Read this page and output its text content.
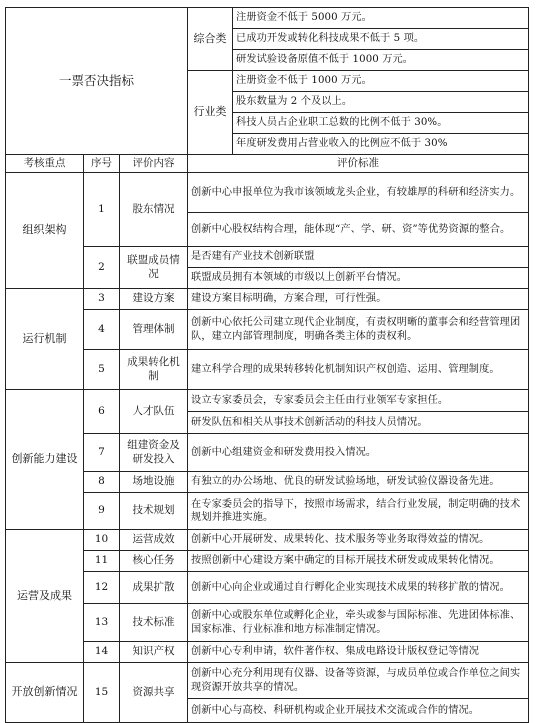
一票否决指标			综合类	注册资金不低于 5000 万元。
				已成功开发或转化科技成果不低于 5 项。
				研发试验设备原值不低于 1000 万元。
			行业类	注册资金不低于 1000 万元。
				股东数量为 2 个及以上。
				科技人员占企业职工总数的比例不低于 30%。
				年度研发费用占营业收入的比例应不低于 30%
考核重点	序号	评价内容	评价标准	
组织架构	1	股东情况	创新中心申报单位为我市该领域龙头企业，有较雄厚的科研和经济实力。	
			创新中心股权结构合理，能体现“产、学、研、资”等优势资源的整合。	
	2	联盟成员情况	是否建有产业技术创新联盟	
			联盟成员拥有本领域的市级以上创新平台情况。	
运行机制	3	建设方案	建设方案目标明确，方案合理，可行性强。	
	4	管理体制	创新中心依托公司建立现代企业制度，有责权明晰的董事会和经营管理团队，建立内部管理制度，明确各类主体的责权利。	
	5	成果转化机制	建立科学合理的成果转移转化机制知识产权创造、运用、管理制度。	
创新能力建设	6	人才队伍	设立专家委员会，专家委员会主任由行业领军专家担任。	
			研发队伍和相关从事技术创新活动的科技人员情况。	
	7	组建资金及研发投入	创新中心组建资金和研发费用投入情况。	
	8	场地设施	有独立的办公场地、优良的研发试验场地，研发试验仪器设备先进。	
	9	技术规划	在专家委员会的指导下，按照市场需求，结合行业发展，制定明确的技术规划并推进实施。	
运营及成果	10	运营成效	创新中心开展研发、成果转化、技术服务等业务取得效益的情况。	
	11	核心任务	按照创新中心建设方案中确定的目标开展技术研发或成果转化情况。	
	12	成果扩散	创新中心向企业或通过自行孵化企业实现技术成果的转移扩散的情况。	
	13	技术标准	创新中心或股东单位或孵化企业，牵头或参与国际标准、先进团体标准、国家标准、行业标准和地方标准制定情况。	
	14	知识产权	创新中心专利申请，软件著作权、集成电路设计版权登记等情况	
开放创新情况	15	资源共享	创新中心充分利用现有仪器、设备等资源，与成员单位或合作单位之间实现资源开放共享的情况。	
			创新中心与高校、科研机构或企业开展技术交流或合作的情况。	
